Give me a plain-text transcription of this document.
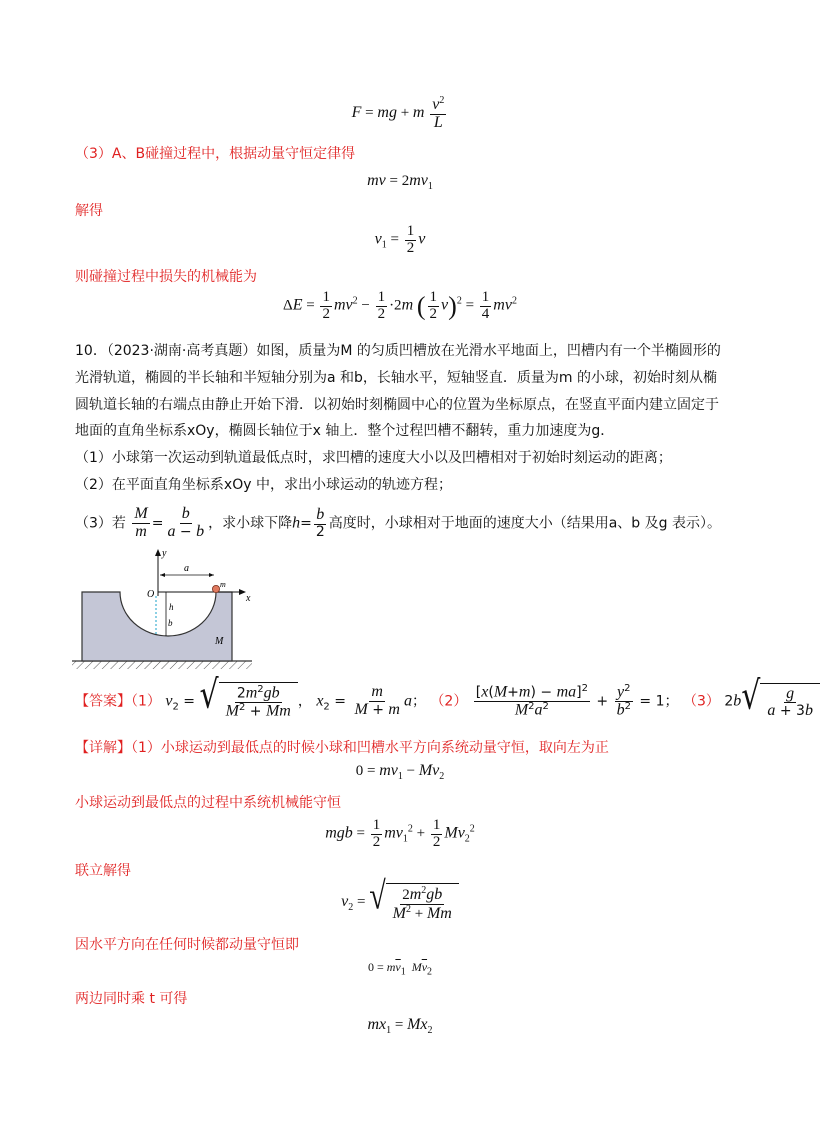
F = mg + m $\frac{v^2}{L}$
（3）A、B碰撞过程中，根据动量守恒定律得
mv = $2mv_1$
解得
$v_1 = \frac{1}{2}$ v
则碰撞过程中损失的机械能为
$\Delta E = \frac{1}{2} mv^2 - \frac{1}{2} \cdot 2m$ ( $\frac{1}{2} v)^2 = \frac{1}{4} mv^2$
10．（2023·湖南·高考真题）如图，质量为M 的匀质凹槽放在光滑水平地面上，凹槽内有一个半椭圆形的
光滑轨道，椭圆的半长轴和半短轴分别为a 和b，长轴水平，短轴竖直．质量为m 的小球，初始时刻从椭
圆轨道长轴的右端点由静止开始下滑．以初始时刻椭圆中心的位置为坐标原点，在竖直平面内建立固定于
地面的直角坐标系xOy，椭圆长轴位于x 轴上．整个过程凹槽不翻转，重力加速度为g．
（1）小球第一次运动到轨道最低点时，求凹槽的速度大小以及凹槽相对于初始时刻运动的距离；
（2）在平面直角坐标系xOy 中，求出小球运动的轨迹方程；
（3）若 $\frac{M}{m} = \frac{b}{a - b}$ ，求小球下降$h= \frac{b}{2}$ 高度时，小球相对于地面的速度大小（结果用a、b 及g 表示）。
y
x
O
a
h
b
m
M
【答案】（1） $v_2$ = √ $\frac{2m^2gb}{M^2 + Mm}$ ， $x_2 = \frac{m}{M + m}$ a； $(2) \frac{[x(M+m) - ma]^2}{M^2a^2} + \frac{y^2}{b^2} = 1$； （3） 2b √ $\frac{g}{a + 3b}$
【详解】（1）小球运动到最低点的时候小球和凹槽水平方向系统动量守恒，取向左为正
$0 = mv_1 - Mv_2$
小球运动到最低点的过程中系统机械能守恒
mgb = $\frac{1}{2} mv_1^2 + \frac{1}{2} Mv_2^2$
联立解得
$v_2$ = √ $\frac{2m^2gb}{M^2 + Mm}$
因水平方向在任何时候都动量守恒即
$0 = m\overline{v}_1$ $M\overline{v}_2$
两边同时乘 t 可得
$mx_1 = Mx_2$
